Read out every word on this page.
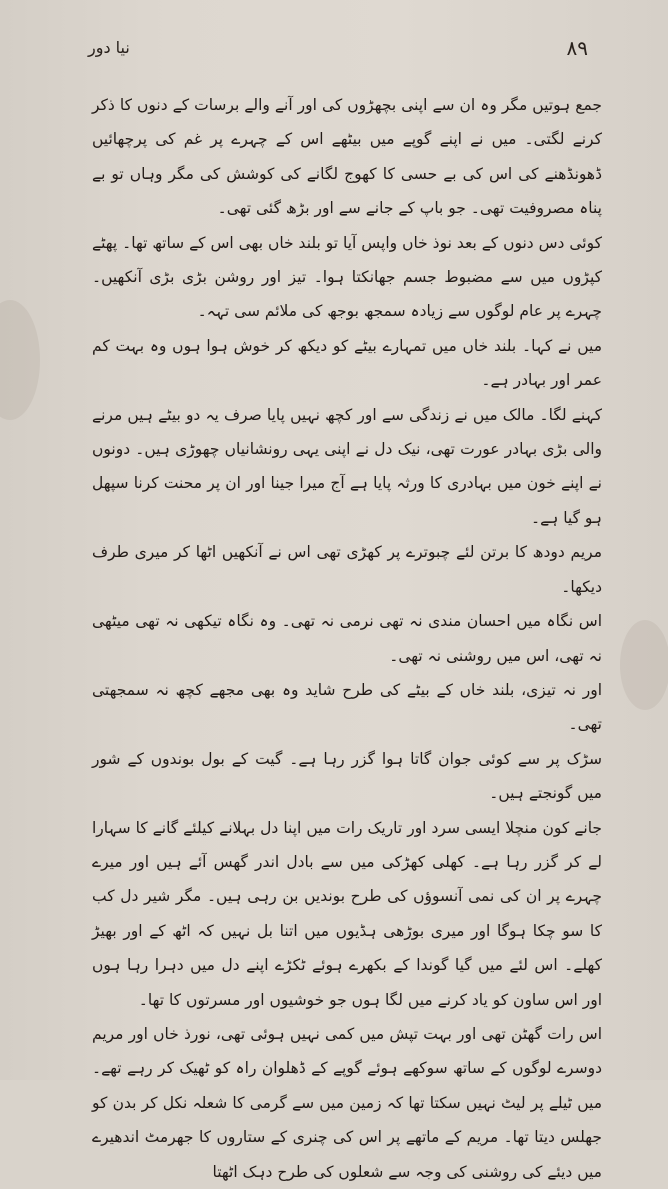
۸۹
نیا دور

جمع ہوتیں مگر وہ ان سے اپنی بچھڑوں کی اور آنے والے برسات کے دنوں کا ذکر کرنے لگتی۔ میں نے اپنے گوپے میں بیٹھے اس کے چہرے پر غم کی پرچھائیں ڈھونڈھنے کی اس کی بے حسی کا کھوج لگانے کی کوشش کی مگر وہاں تو بے پناہ مصروفیت تھی۔ جو باپ کے جانے سے اور بڑھ گئی تھی۔

کوئی دس دنوں کے بعد نوذ خاں واپس آیا تو بلند خاں بھی اس کے ساتھ تھا۔ پھٹے کپڑوں میں سے مضبوط جسم جھانکتا ہوا۔ تیز اور روشن بڑی بڑی آنکھیں۔ چہرے پر عام لوگوں سے زیادہ سمجھ بوجھ کی ملائم سی تہہ۔

میں نے کہا۔ بلند خاں میں تمہارے بیٹے کو دیکھ کر خوش ہوا ہوں وہ بہت کم عمر اور بہادر ہے۔

کہنے لگا۔ مالک میں نے زندگی سے اور کچھ نہیں پایا صرف یہ دو بیٹے ہیں مرنے والی بڑی بہادر عورت تھی، نیک دل نے اپنی یہی رونشانیاں چھوڑی ہیں۔ دونوں نے اپنے خون میں بہادری کا ورثہ پایا ہے آج میرا جینا اور ان پر محنت کرنا سپھل ہو گیا ہے۔

مریم دودھ کا برتن لئے چبوترے پر کھڑی تھی اس نے آنکھیں اٹھا کر میری طرف دیکھا۔

اس نگاہ میں احسان مندی نہ تھی نرمی نہ تھی۔ وہ نگاہ تیکھی نہ تھی میٹھی نہ تھی، اس میں روشنی نہ تھی۔

اور نہ تیزی، بلند خاں کے بیٹے کی طرح شاید وہ بھی مجھے کچھ نہ سمجھتی تھی۔

سڑک پر سے کوئی جوان گاتا ہوا گزر رہا ہے۔ گیت کے بول بوندوں کے شور میں گونجتے ہیں۔

جانے کون منچلا ایسی سرد اور تاریک رات میں اپنا دل بہلانے کیلئے گانے کا سہارا لے کر گزر رہا ہے۔ کھلی کھڑکی میں سے بادل اندر گھس آئے ہیں اور میرے چہرے پر ان کی نمی آنسوؤں کی طرح بوندیں بن رہی ہیں۔ مگر شیر دل کب کا سو چکا ہوگا اور میری بوڑھی ہڈیوں میں اتنا بل نہیں کہ اٹھ کے اور بھیڑ کھلے۔ اس لئے میں گیا گوندا کے بکھرے ہوئے ٹکڑے اپنے دل میں دہرا رہا ہوں اور اس ساون کو یاد کرنے میں لگا ہوں جو خوشیوں اور مسرتوں کا تھا۔

اس رات گھٹن تھی اور بہت تپش میں کمی نہیں ہوئی تھی، نورذ خاں اور مریم دوسرے لوگوں کے ساتھ سوکھے ہوئے گوپے کے ڈھلوان راہ کو ٹھیک کر رہے تھے۔ میں ٹیلے پر لیٹ نہیں سکتا تھا کہ زمین میں سے گرمی کا شعلہ نکل کر بدن کو جھلس دیتا تھا۔ مریم کے ماتھے پر اس کی چنری کے ستاروں کا جھرمٹ اندھیرے میں دیئے کی روشنی کی وجہ سے شعلوں کی طرح دہک اٹھتا
